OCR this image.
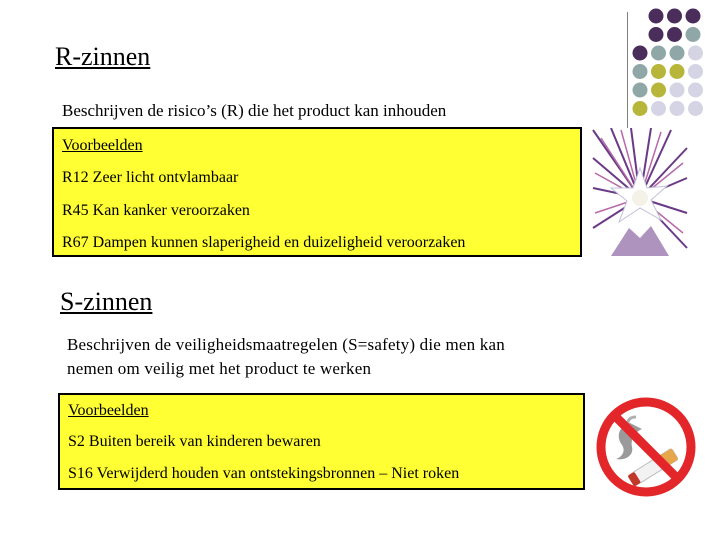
R-zinnen
Beschrijven de risico’s (R) die het product kan inhouden
Voorbeelden
R12 Zeer licht ontvlambaar
R45 Kan kanker veroorzaken
R67 Dampen kunnen slaperigheid en duizeligheid veroorzaken
S-zinnen
Beschrijven de veiligheidsmaatregelen (S=safety) die men kan
nemen om veilig met het product te werken
Voorbeelden
S2 Buiten bereik van kinderen bewaren
S16 Verwijderd houden van ontstekingsbronnen – Niet roken
